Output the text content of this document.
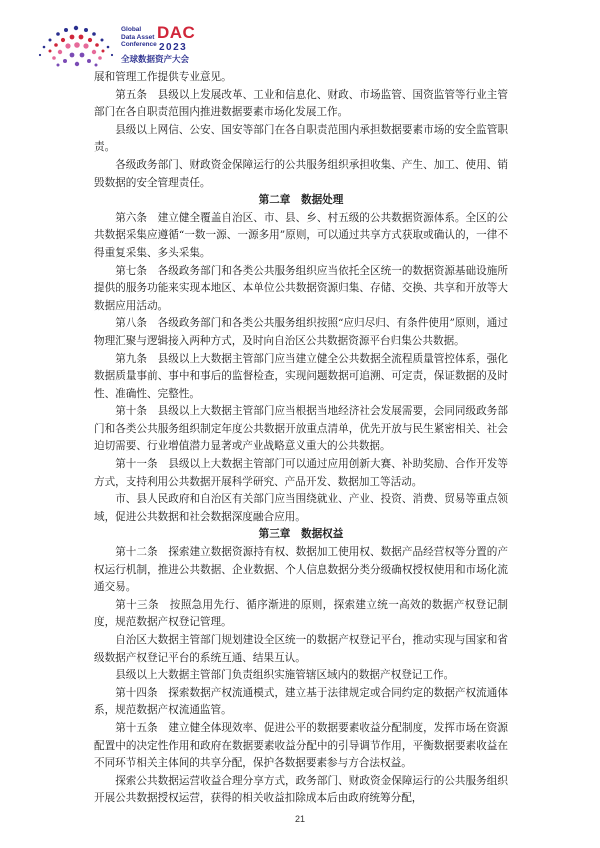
Global Data Asset Conference
DAC
2023
全球数据资产大会

展和管理工作提供专业意见。

第五条　县级以上发展改革、工业和信息化、财政、市场监管、国资监管等行业主管部门在各自职责范围内推进数据要素市场化发展工作。

县级以上网信、公安、国安等部门在各自职责范围内承担数据要素市场的安全监管职责。

各级政务部门、财政资金保障运行的公共服务组织承担收集、产生、加工、使用、销毁数据的安全管理责任。

第二章　数据处理

第六条　建立健全覆盖自治区、市、县、乡、村五级的公共数据资源体系。全区的公共数据采集应遵循“一数一源、一源多用”原则，可以通过共享方式获取或确认的，一律不得重复采集、多头采集。

第七条　各级政务部门和各类公共服务组织应当依托全区统一的数据资源基础设施所提供的服务功能来实现本地区、本单位公共数据资源归集、存储、交换、共享和开放等大数据应用活动。

第八条　各级政务部门和各类公共服务组织按照“应归尽归、有条件使用”原则，通过物理汇聚与逻辑接入两种方式，及时向自治区公共数据资源平台归集公共数据。

第九条　县级以上大数据主管部门应当建立健全公共数据全流程质量管控体系，强化数据质量事前、事中和事后的监督检查，实现问题数据可追溯、可定责，保证数据的及时性、准确性、完整性。

第十条　县级以上大数据主管部门应当根据当地经济社会发展需要，会同同级政务部门和各类公共服务组织制定年度公共数据开放重点清单，优先开放与民生紧密相关、社会迫切需要、行业增值潜力显著或产业战略意义重大的公共数据。

第十一条　县级以上大数据主管部门可以通过应用创新大赛、补助奖励、合作开发等方式，支持利用公共数据开展科学研究、产品开发、数据加工等活动。

市、县人民政府和自治区有关部门应当围绕就业、产业、投资、消费、贸易等重点领域，促进公共数据和社会数据深度融合应用。

第三章　数据权益

第十二条　探索建立数据资源持有权、数据加工使用权、数据产品经营权等分置的产权运行机制，推进公共数据、企业数据、个人信息数据分类分级确权授权使用和市场化流通交易。

第十三条　按照急用先行、循序渐进的原则，探索建立统一高效的数据产权登记制度，规范数据产权登记管理。

自治区大数据主管部门规划建设全区统一的数据产权登记平台，推动实现与国家和省级数据产权登记平台的系统互通、结果互认。

县级以上大数据主管部门负责组织实施管辖区域内的数据产权登记工作。

第十四条　探索数据产权流通模式，建立基于法律规定或合同约定的数据产权流通体系，规范数据产权流通监管。

第十五条　建立健全体现效率、促进公平的数据要素收益分配制度，发挥市场在资源配置中的决定性作用和政府在数据要素收益分配中的引导调节作用，平衡数据要素收益在不同环节相关主体间的共享分配，保护各数据要素参与方合法权益。

探索公共数据运营收益合理分享方式，政务部门、财政资金保障运行的公共服务组织开展公共数据授权运营，获得的相关收益扣除成本后由政府统筹分配，

21
